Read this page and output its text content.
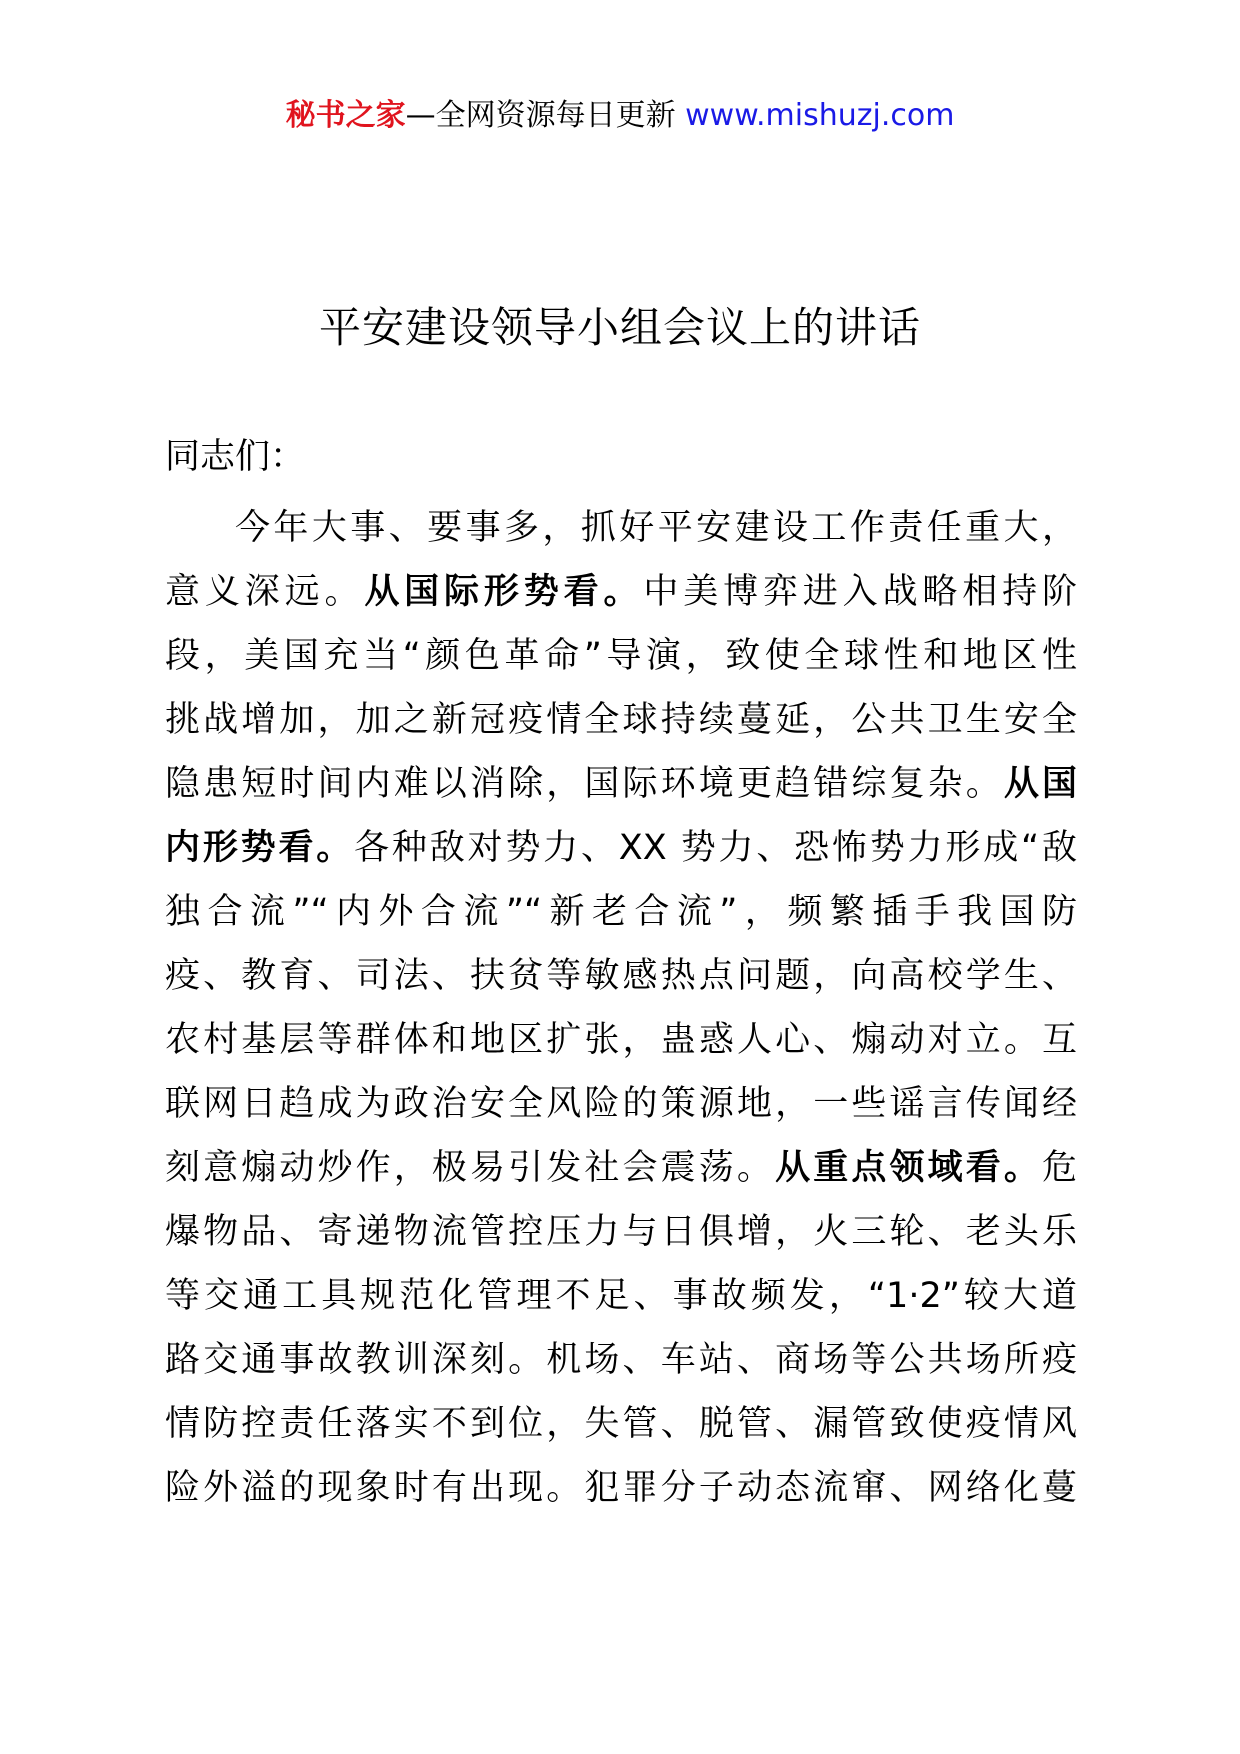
秘书之家—全网资源每日更新 www.mishuzj.com
平安建设领导小组会议上的讲话
同志们：
今年大事、要事多，抓好平安建设工作责任重大，
意义深远。从国际形势看。中美博弈进入战略相持阶
段，美国充当“颜色革命”导演，致使全球性和地区性
挑战增加，加之新冠疫情全球持续蔓延，公共卫生安全
隐患短时间内难以消除，国际环境更趋错综复杂。从国
内形势看。各种敌对势力、XX 势力、恐怖势力形成“敌
独合流”“内外合流”“新老合流”，频繁插手我国防
疫、教育、司法、扶贫等敏感热点问题，向高校学生、
农村基层等群体和地区扩张，蛊惑人心、煽动对立。互
联网日趋成为政治安全风险的策源地，一些谣言传闻经
刻意煽动炒作，极易引发社会震荡。从重点领域看。危
爆物品、寄递物流管控压力与日俱增，火三轮、老头乐
等交通工具规范化管理不足、事故频发，“1·2”较大道
路交通事故教训深刻。机场、车站、商场等公共场所疫
情防控责任落实不到位，失管、脱管、漏管致使疫情风
险外溢的现象时有出现。犯罪分子动态流窜、网络化蔓
